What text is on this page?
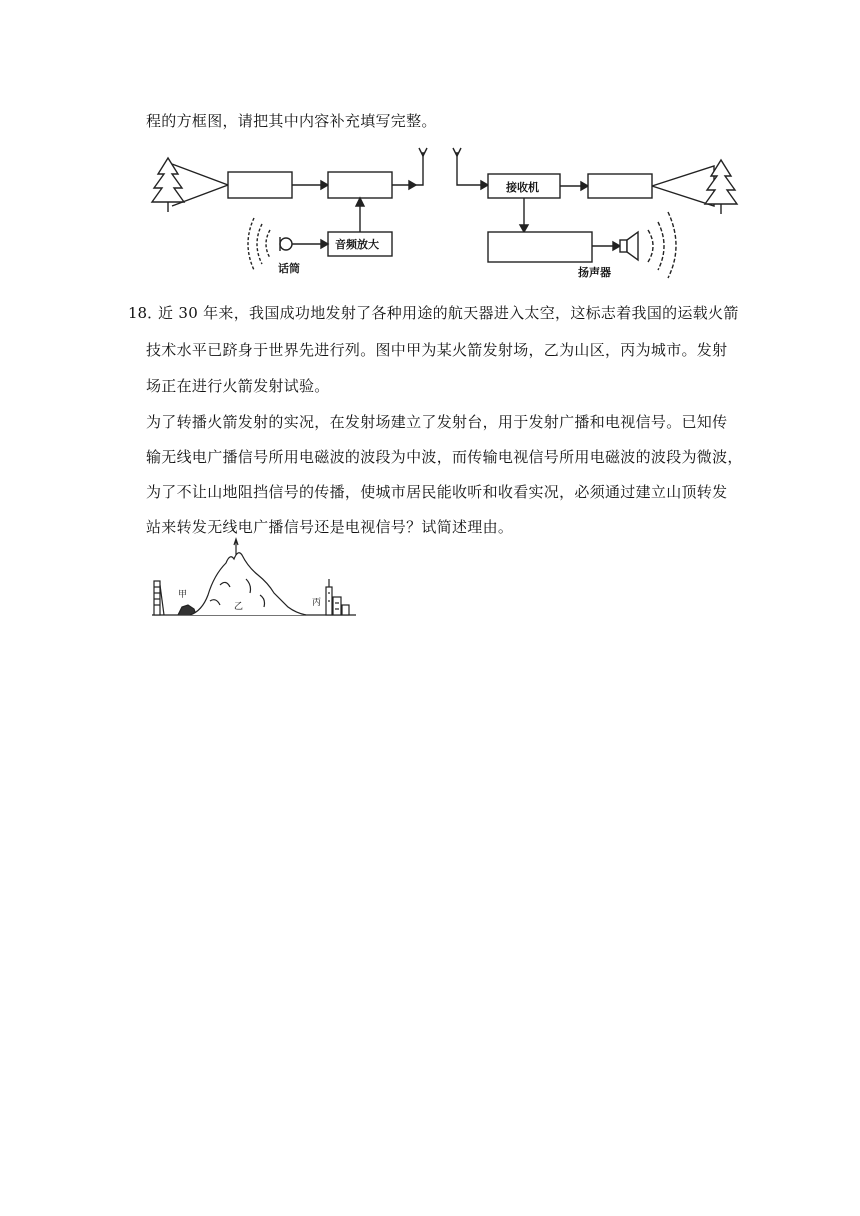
程的方框图，请把其中内容补充填写完整。
音频放大
话筒
接收机
扬声器
18．
近 30 年来，我国成功地发射了各种用途的航天器进入太空，这标志着我国的运载火箭
技术水平已跻身于世界先进行列。图中甲为某火箭发射场，乙为山区，丙为城市。发射
场正在进行火箭发射试验。
为了转播火箭发射的实况，在发射场建立了发射台，用于发射广播和电视信号。已知传
输无线电广播信号所用电磁波的波段为中波，而传输电视信号所用电磁波的波段为微波，
为了不让山地阻挡信号的传播，使城市居民能收听和收看实况，必须通过建立山顶转发
站来转发无线电广播信号还是电视信号？试简述理由。
甲
乙	丙
